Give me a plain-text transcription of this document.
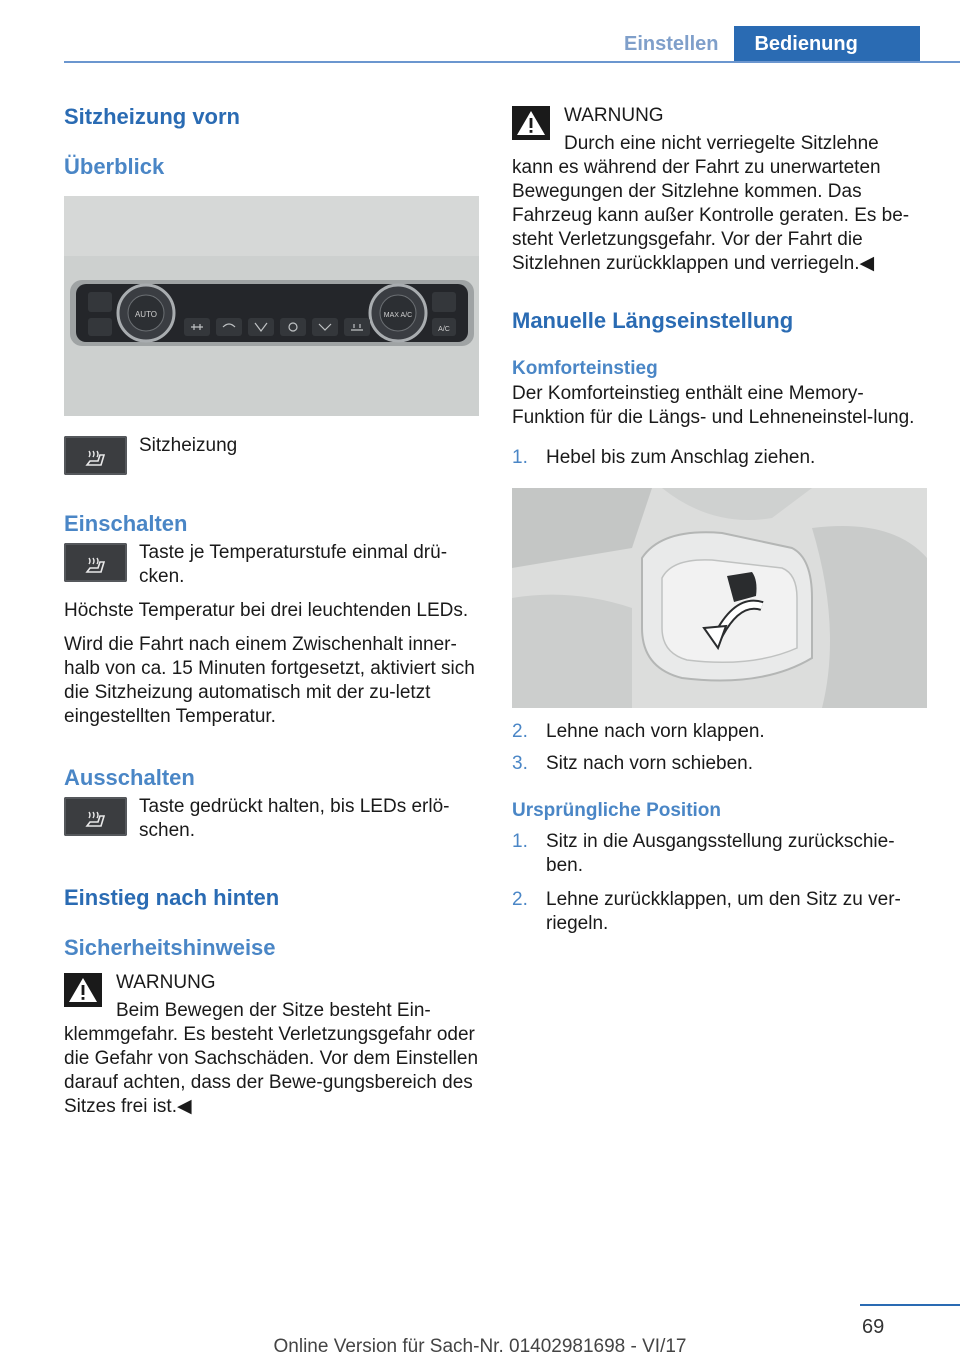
Einstellen	Bedienung
Sitzheizung vorn
Überblick
AUTO	MAX A/C
A/C

Sitzheizung

Einschalten

Taste je Temperaturstufe einmal drü-cken.

Höchste Temperatur bei drei leuchtenden LEDs.

Wird die Fahrt nach einem Zwischenhalt inner-halb von ca. 15 Minuten fortgesetzt, aktiviert sich die Sitzheizung automatisch mit der zu-letzt eingestellten Temperatur.

Ausschalten

Taste gedrückt halten, bis LEDs erlö-schen.

Einstieg nach hinten
Sicherheitshinweise

WARNUNG

Beim Bewegen der Sitze besteht Ein-

klemmgefahr. Es besteht Verletzungsgefahr oder die Gefahr von Sachschäden. Vor dem Einstellen darauf achten, dass der Bewe-gungsbereich des Sitzes frei ist.◀

WARNUNG

Durch eine nicht verriegelte Sitzlehne

kann es während der Fahrt zu unerwarteten Bewegungen der Sitzlehne kommen. Das Fahrzeug kann außer Kontrolle geraten. Es be-steht Verletzungsgefahr. Vor der Fahrt die Sitzlehnen zurückklappen und verriegeln.◀

Manuelle Längseinstellung
Komforteinstieg

Der Komforteinstieg enthält eine Memory-Funktion für die Längs- und Lehneneinstel-lung.

1. Hebel bis zum Anschlag ziehen.
2. Lehne nach vorn klappen.
3. Sitz nach vorn schieben.
Ursprüngliche Position
1. Sitz in die Ausgangsstellung zurückschie-ben.
2. Lehne zurückklappen, um den Sitz zu ver-riegeln.
69
Online Version für Sach-Nr. 01402981698 - VI/17
